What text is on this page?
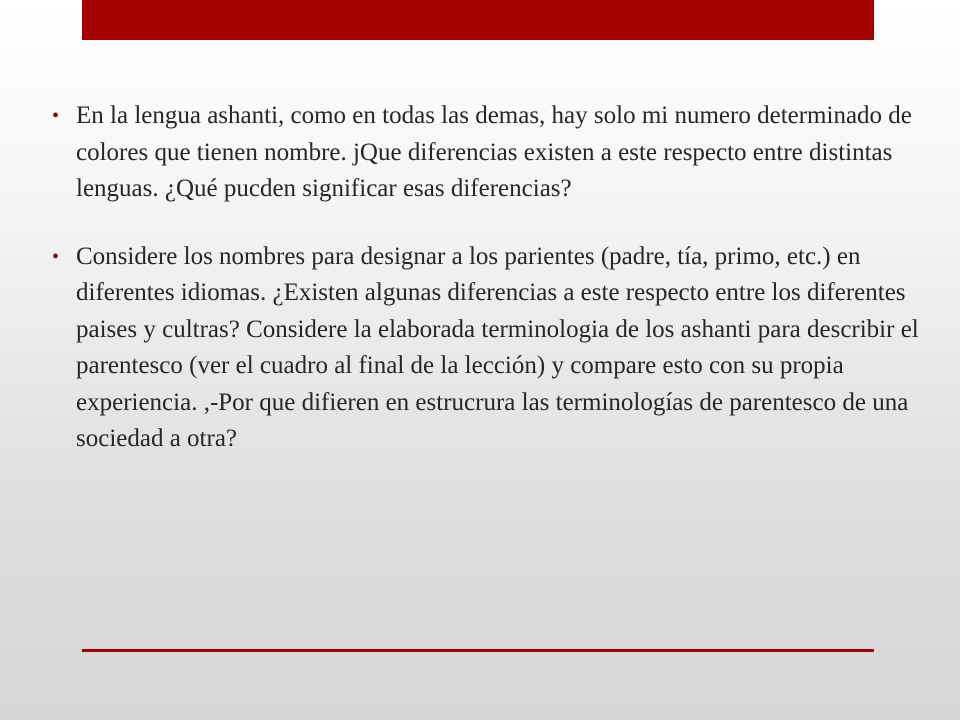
• En la lengua ashanti, como en todas las demas, hay solo mi numero determinado de colores que tienen nombre. jQue diferencias existen a este respecto entre distintas lenguas. ¿Qué pucden significar esas diferencias?
• Considere los nombres para designar a los parientes (padre, tía, primo, etc.) en diferentes idiomas. ¿Existen algunas diferencias a este respecto entre los diferentes paises y cultras? Considere la elaborada terminologia de los ashanti para describir el parentesco (ver el cuadro al final de la lección) y compare esto con su propia experiencia. ,-Por que difieren en estrucrura las terminologías de parentesco de una sociedad a otra?
